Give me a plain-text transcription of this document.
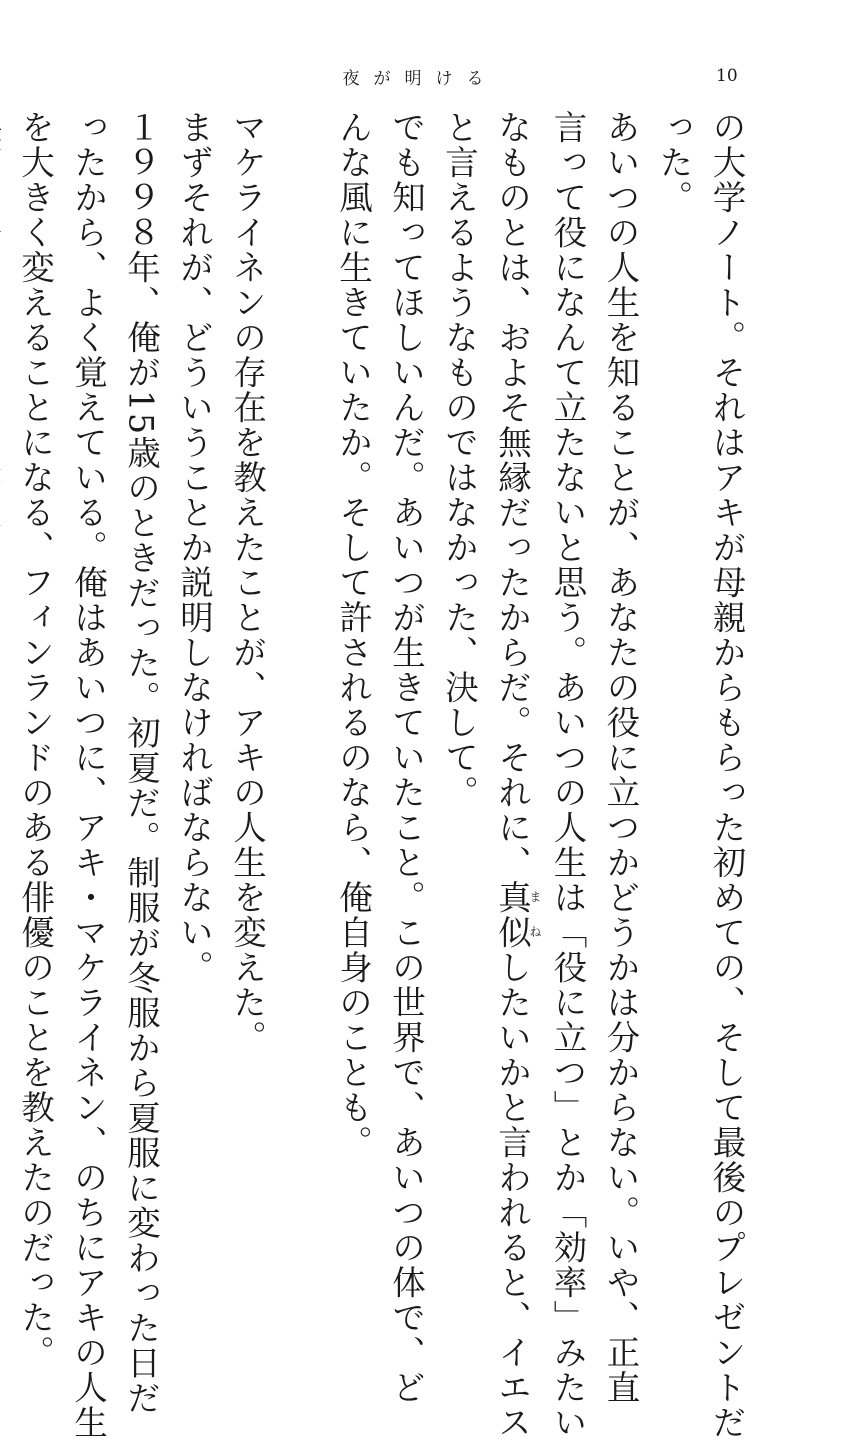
夜が明ける	10
の大学ノート。それはアキが母親からもらった初めての、そして最後のプレゼントだ
った。
あいつの人生を知ることが、あなたの役に立つかどうかは分からない。いや、正直
言って役になんて立たないと思う。あいつの人生は「役に立つ」とか「効率」みたい
なものとは、およそ無縁だったからだ。それに、真似まねしたいかと言われると、イエス
と言えるようなものではなかった、決して。
でも知ってほしいんだ。あいつが生きていたこと。この世界で、あいつの体で、ど
んな風に生きていたか。そして許されるのなら、俺自身のことも。

マケライネンの存在を教えたことが、アキの人生を変えた。
まずそれが、どういうことか説明しなければならない。
１９９８年、俺が15歳のときだった。初夏だ。制服が冬服から夏服に変わった日だ
ったから、よく覚えている。俺はあいつに、アキ・マケライネン、のちにアキの人生
を大きく変えることになる、フィンランドのある俳優のことを教えたのだった。
